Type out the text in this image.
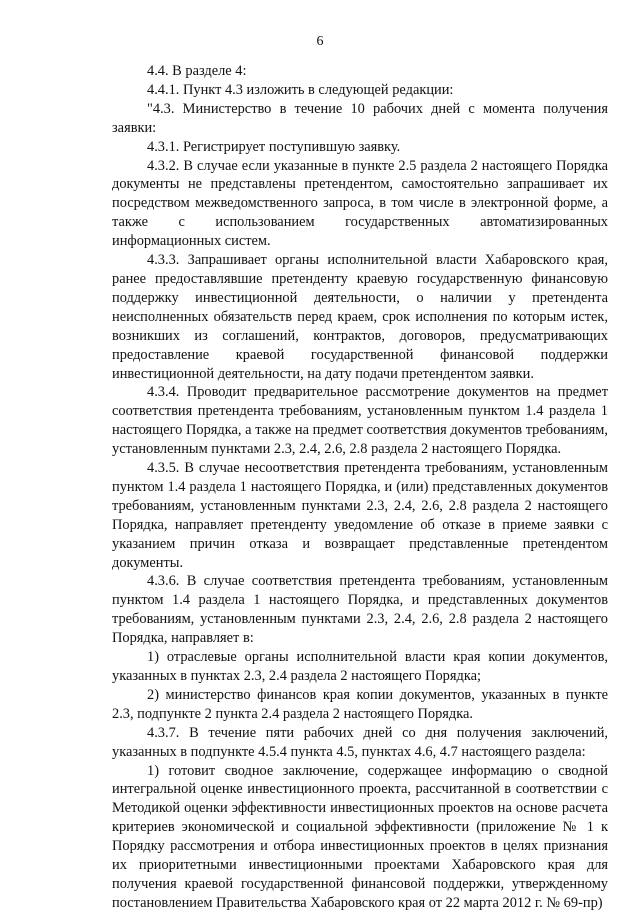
6

4.4. В разделе 4:

4.4.1. Пункт 4.3 изложить в следующей редакции:

"4.3. Министерство в течение 10 рабочих дней с момента получения заявки:

4.3.1. Регистрирует поступившую заявку.

4.3.2. В случае если указанные в пункте 2.5 раздела 2 настоящего Порядка документы не представлены претендентом, самостоятельно запрашивает их посредством межведомственного запроса, в том числе в электронной форме, а также с использованием государственных автоматизированных информационных систем.

4.3.3. Запрашивает органы исполнительной власти Хабаровского края, ранее предоставлявшие претенденту краевую государственную финансовую поддержку инвестиционной деятельности, о наличии у претендента неисполненных обязательств перед краем, срок исполнения по которым истек, возникших из соглашений, контрактов, договоров, предусматривающих предоставление краевой государственной финансовой поддержки инвестиционной деятельности, на дату подачи претендентом заявки.

4.3.4. Проводит предварительное рассмотрение документов на предмет соответствия претендента требованиям, установленным пунктом 1.4 раздела 1 настоящего Порядка, а также на предмет соответствия документов требованиям, установленным пунктами 2.3, 2.4, 2.6, 2.8 раздела 2 настоящего Порядка.

4.3.5. В случае несоответствия претендента требованиям, установленным пунктом 1.4 раздела 1 настоящего Порядка, и (или) представленных документов требованиям, установленным пунктами 2.3, 2.4, 2.6, 2.8 раздела 2 настоящего Порядка, направляет претенденту уведомление об отказе в приеме заявки с указанием причин отказа и возвращает представленные претендентом документы.

4.3.6. В случае соответствия претендента требованиям, установленным пунктом 1.4 раздела 1 настоящего Порядка, и представленных документов требованиям, установленным пунктами 2.3, 2.4, 2.6, 2.8 раздела 2 настоящего Порядка, направляет в:

1) отраслевые органы исполнительной власти края копии документов, указанных в пунктах 2.3, 2.4 раздела 2 настоящего Порядка;

2) министерство финансов края копии документов, указанных в пункте 2.3, подпункте 2 пункта 2.4 раздела 2 настоящего Порядка.

4.3.7. В течение пяти рабочих дней со дня получения заключений, указанных в подпункте 4.5.4 пункта 4.5, пунктах 4.6, 4.7 настоящего раздела:

1) готовит сводное заключение, содержащее информацию о сводной интегральной оценке инвестиционного проекта, рассчитанной в соответствии с Методикой оценки эффективности инвестиционных проектов на основе расчета критериев экономической и социальной эффективности (приложение № 1 к Порядку рассмотрения и отбора инвестиционных проектов в целях признания их приоритетными инвестиционными проектами Хабаровского края для получения краевой государственной финансовой поддержки, утвержденному постановлением Правительства Хабаровского края от 22 марта 2012 г. № 69-пр)
